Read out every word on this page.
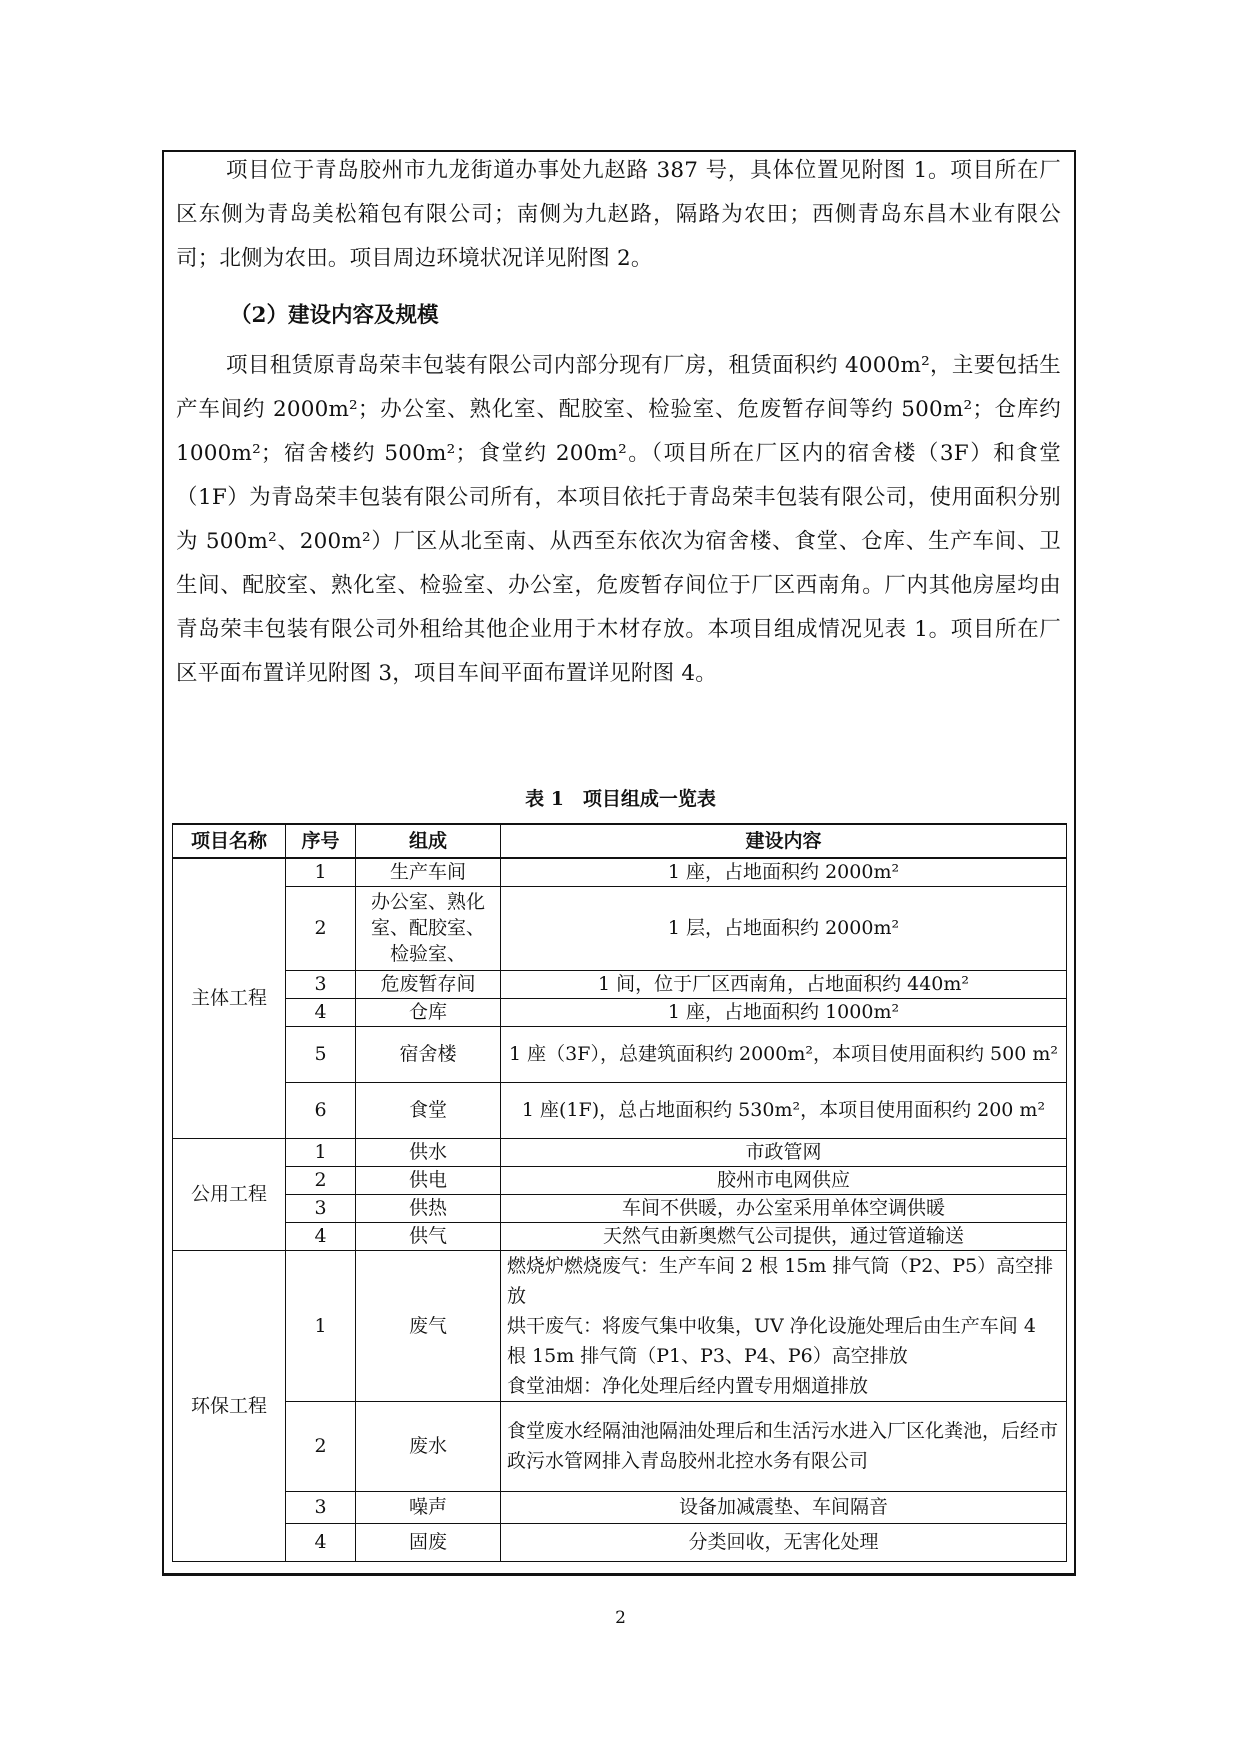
项目位于青岛胶州市九龙街道办事处九赵路 387 号，具体位置见附图 1。项目所在厂区东侧为青岛美松箱包有限公司；南侧为九赵路，隔路为农田；西侧青岛东昌木业有限公司；北侧为农田。项目周边环境状况详见附图 2。

（2）建设内容及规模

项目租赁原青岛荣丰包装有限公司内部分现有厂房，租赁面积约 4000m²，主要包括生产车间约 2000m²；办公室、熟化室、配胶室、检验室、危废暂存间等约 500m²；仓库约 1000m²；宿舍楼约 500m²；食堂约 200m²。（项目所在厂区内的宿舍楼（3F）和食堂（1F）为青岛荣丰包装有限公司所有，本项目依托于青岛荣丰包装有限公司，使用面积分别为 500m²、200m²）厂区从北至南、从西至东依次为宿舍楼、食堂、仓库、生产车间、卫生间、配胶室、熟化室、检验室、办公室，危废暂存间位于厂区西南角。厂内其他房屋均由青岛荣丰包装有限公司外租给其他企业用于木材存放。本项目组成情况见表 1。项目所在厂区平面布置详见附图 3，项目车间平面布置详见附图 4。

表 1　项目组成一览表

项目名称	序号	组成	建设内容
主体工程	1	生产车间	1 座，占地面积约 2000m²
	2	办公室、熟化室、配胶室、检验室、	1 层，占地面积约 2000m²
	3	危废暂存间	1 间，位于厂区西南角，占地面积约 440m²
	4	仓库	1 座，占地面积约 1000m²
	5	宿舍楼	1 座（3F），总建筑面积约 2000m²，本项目使用面积约 500 m²
	6	食堂	1 座(1F)，总占地面积约 530m²，本项目使用面积约 200 m²
公用工程	1	供水	市政管网
	2	供电	胶州市电网供应
	3	供热	车间不供暖，办公室采用单体空调供暖
	4	供气	天然气由新奥燃气公司提供，通过管道输送
环保工程	1	废气	燃烧炉燃烧废气：生产车间 2 根 15m 排气筒（P2、P5）高空排放
烘干废气：将废气集中收集，UV 净化设施处理后由生产车间 4 根 15m 排气筒（P1、P3、P4、P6）高空排放
食堂油烟：净化处理后经内置专用烟道排放
	2	废水	食堂废水经隔油池隔油处理后和生活污水进入厂区化粪池，后经市政污水管网排入青岛胶州北控水务有限公司
	3	噪声	设备加减震垫、车间隔音
	4	固废	分类回收，无害化处理

2
